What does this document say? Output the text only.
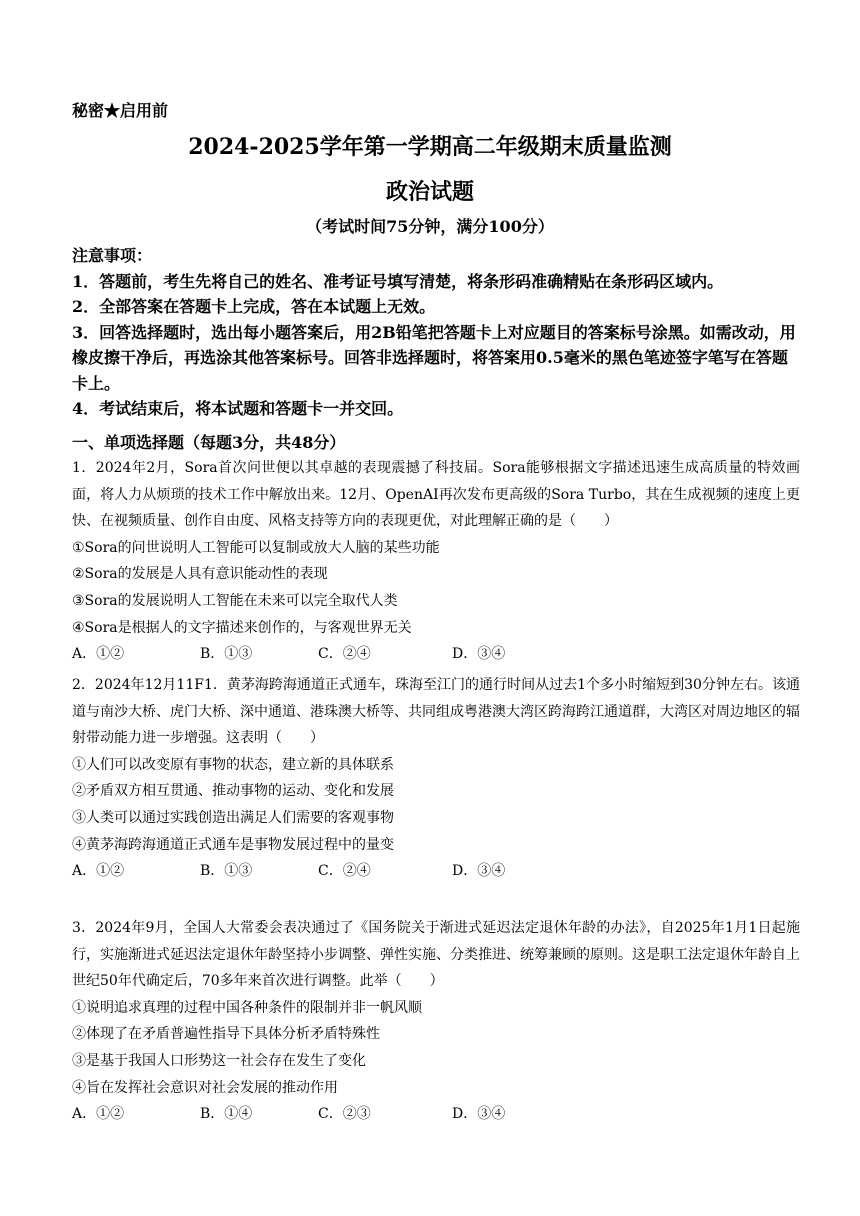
秘密★启用前
2024-2025学年第一学期高二年级期末质量监测
政治试题
（考试时间75分钟，满分100分）

注意事项：

1．答题前，考生先将自己的姓名、准考证号填写清楚，将条形码准确精贴在条形码区域内。

2．全部答案在答题卡上完成，答在本试题上无效。

3．回答选择题时，选出每小题答案后，用2B铅笔把答题卡上对应题目的答案标号涂黑。如需改动，用橡皮擦干净后，再选涂其他答案标号。回答非选择题时，将答案用0.5毫米的黑色笔迹签字笔写在答题卡上。

4．考试结束后，将本试题和答题卡一并交回。

一、单项选择题（每题3分，共48分）

1．2024年2月，Sora首次问世便以其卓越的表现震撼了科技届。Sora能够根据文字描述迅速生成高质量的特效画面，将人力从烦琐的技术工作中解放出来。12月、OpenAI再次发布更高级的Sora Turbo，其在生成视频的速度上更快、在视频质量、创作自由度、风格支持等方向的表现更优，对此理解正确的是（　　）

①Sora的问世说明人工智能可以复制或放大人脑的某些功能

②Sora的发展是人具有意识能动性的表现

③Sora的发展说明人工智能在未来可以完全取代人类

④Sora是根据人的文字描述来创作的，与客观世界无关

A．①②	B．①③	C．②④	D．③④

2．2024年12月11F1．黄茅海跨海通道正式通车，珠海至江门的通行时间从过去1个多小时缩短到30分钟左右。该通道与南沙大桥、虎门大桥、深中通道、港珠澳大桥等、共同组成粤港澳大湾区跨海跨江通道群，大湾区对周边地区的辐射带动能力进一步增强。这表明（　　）

①人们可以改变原有事物的状态，建立新的具体联系

②矛盾双方相互贯通、推动事物的运动、变化和发展

③人类可以通过实践创造出满足人们需要的客观事物

④黄茅海跨海通道正式通车是事物发展过程中的量变

A．①②	B．①③	C．②④	D．③④

3．2024年9月，全国人大常委会表决通过了《国务院关于渐进式延迟法定退休年龄的办法》，自2025年1月1日起施行，实施渐进式延迟法定退休年龄坚持小步调整、弹性实施、分类推进、统筹兼顾的原则。这是职工法定退休年龄自上世纪50年代确定后，70多年来首次进行调整。此举（　　）

①说明追求真理的过程中国各种条件的限制并非一帆风顺

②体现了在矛盾普遍性指导下具体分析矛盾特殊性

③是基于我国人口形势这一社会存在发生了变化

④旨在发挥社会意识对社会发展的推动作用

A．①②	B．①④	C．②③	D．③④
